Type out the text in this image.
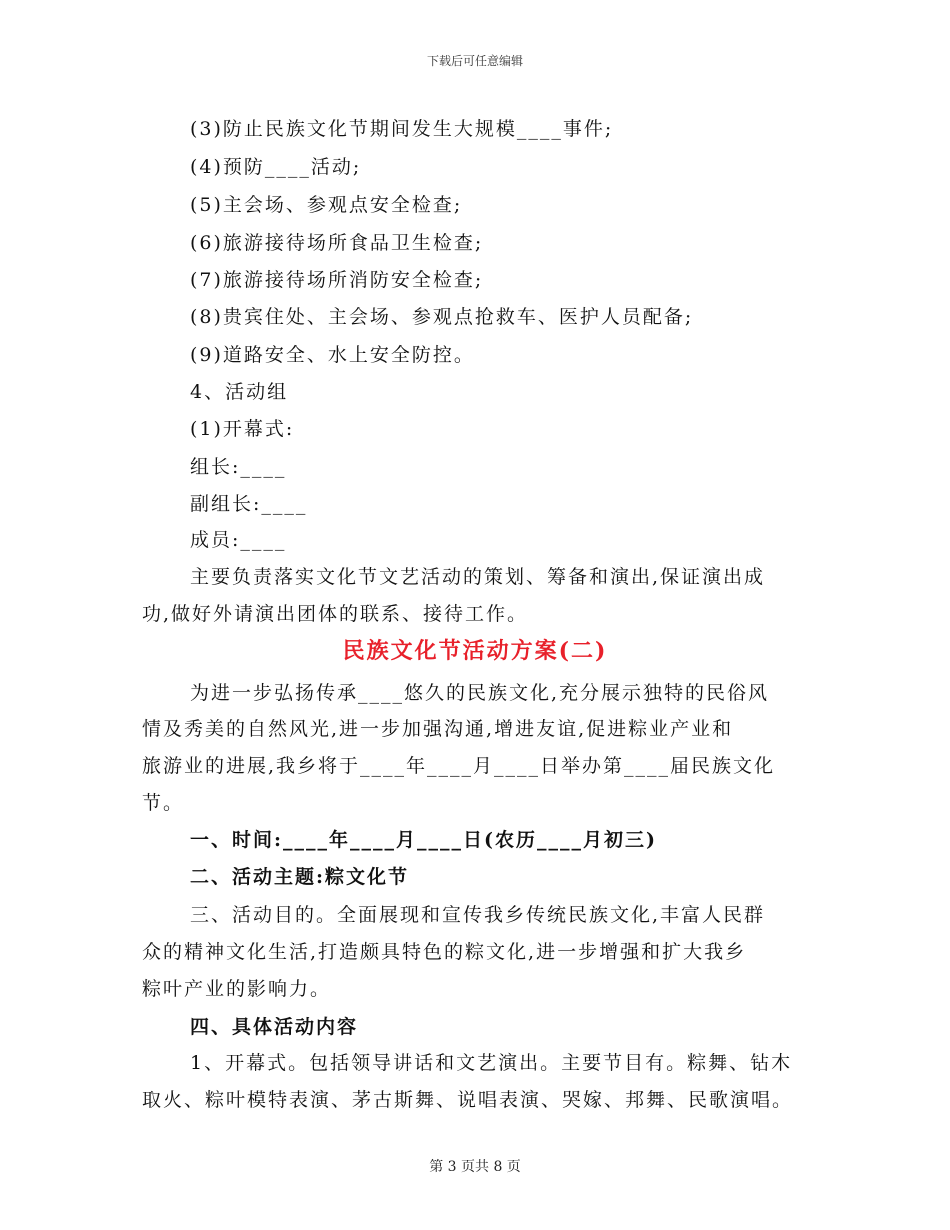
下载后可任意编辑
(3)防止民族文化节期间发生大规模____事件;
(4)预防____活动;
(5)主会场、参观点安全检查;
(6)旅游接待场所食品卫生检查;
(7)旅游接待场所消防安全检查;
(8)贵宾住处、主会场、参观点抢救车、医护人员配备;
(9)道路安全、水上安全防控。
4、活动组
(1)开幕式:
组长:____
副组长:____
成员:____
主要负责落实文化节文艺活动的策划、筹备和演出,保证演出成
功,做好外请演出团体的联系、接待工作。
民族文化节活动方案(二)
为进一步弘扬传承____悠久的民族文化,充分展示独特的民俗风
情及秀美的自然风光,进一步加强沟通,增进友谊,促进粽业产业和
旅游业的进展,我乡将于____年____月____日举办第____届民族文化
节。
一、时间:____年____月____日(农历____月初三)
二、活动主题:粽文化节
三、活动目的。全面展现和宣传我乡传统民族文化,丰富人民群
众的精神文化生活,打造颇具特色的粽文化,进一步增强和扩大我乡
粽叶产业的影响力。
四、具体活动内容
1、开幕式。包括领导讲话和文艺演出。主要节目有。粽舞、钻木
取火、粽叶模特表演、茅古斯舞、说唱表演、哭嫁、邦舞、民歌演唱。
第 3 页共 8 页
